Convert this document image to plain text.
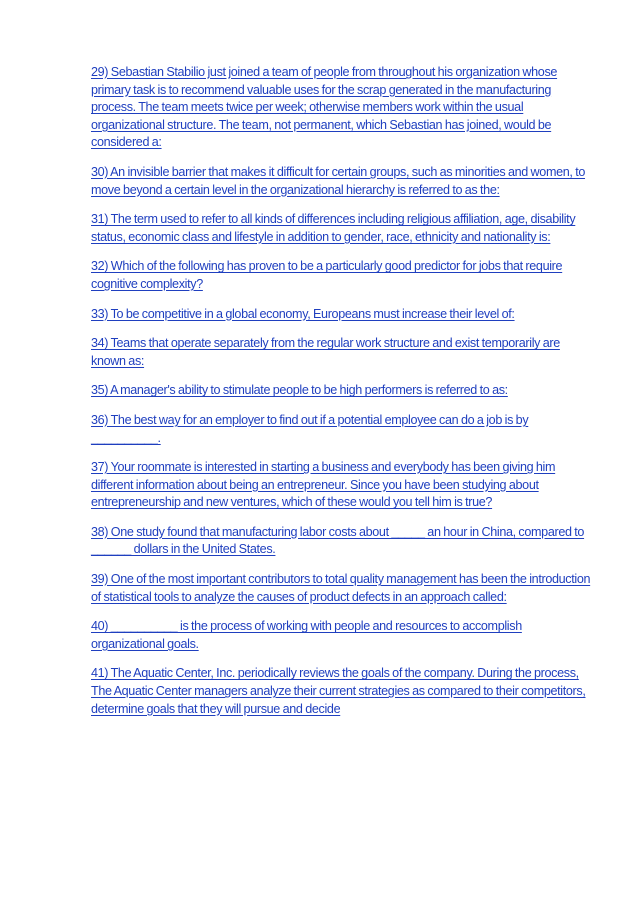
29) Sebastian Stabilio just joined a team of people from throughout his organization whose primary task is to recommend valuable uses for the scrap generated in the manufacturing process. The team meets twice per week; otherwise members work within the usual organizational structure. The team, not permanent, which Sebastian has joined, would be considered a:
30) An invisible barrier that makes it difficult for certain groups, such as minorities and women, to move beyond a certain level in the organizational hierarchy is referred to as the:
31) The term used to refer to all kinds of differences including religious affiliation, age, disability status, economic class and lifestyle in addition to gender, race, ethnicity and nationality is:
32) Which of the following has proven to be a particularly good predictor for jobs that require cognitive complexity?
33) To be competitive in a global economy, Europeans must increase their level of:
34) Teams that operate separately from the regular work structure and exist temporarily are known as:
35) A manager's ability to stimulate people to be high performers is referred to as:
36) The best way for an employer to find out if a potential employee can do a job is by __________.
37) Your roommate is interested in starting a business and everybody has been giving him different information about being an entrepreneur. Since you have been studying about entrepreneurship and new ventures, which of these would you tell him is true?
38) One study found that manufacturing labor costs about _____ an hour in China, compared to ______ dollars in the United States.
39) One of the most important contributors to total quality management has been the introduction of statistical tools to analyze the causes of product defects in an approach called:
40) __________ is the process of working with people and resources to accomplish organizational goals.
41) The Aquatic Center, Inc. periodically reviews the goals of the company. During the process, The Aquatic Center managers analyze their current strategies as compared to their competitors, determine goals that they will pursue and decide
